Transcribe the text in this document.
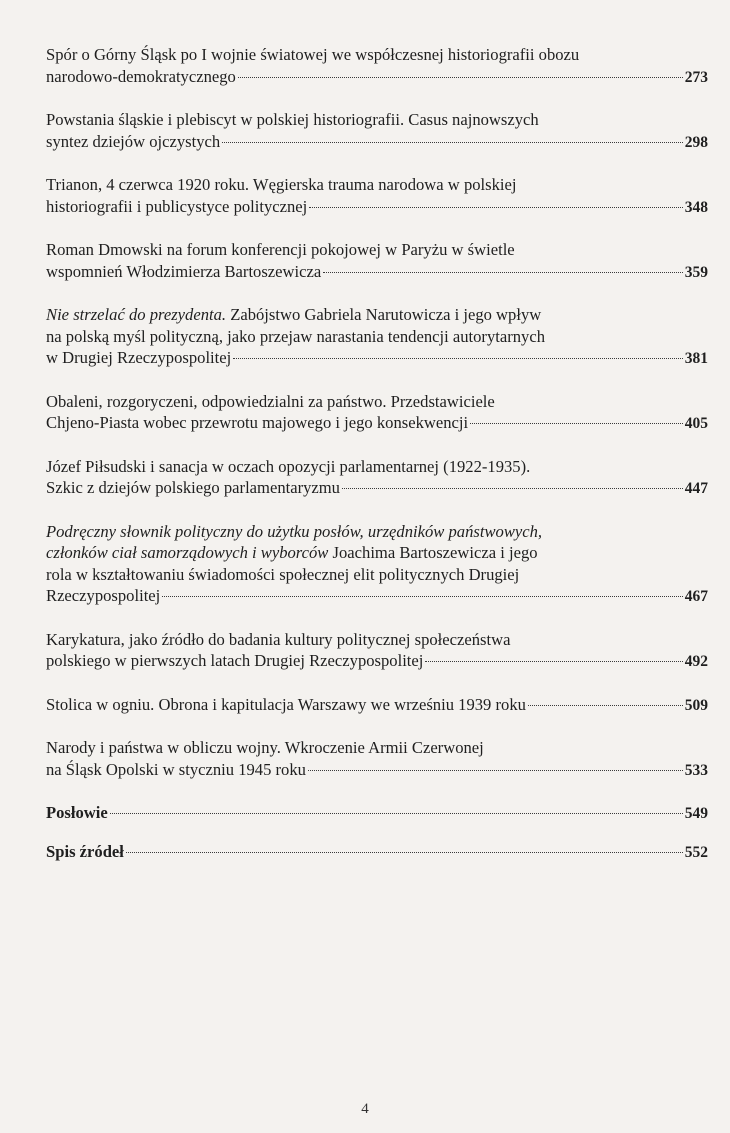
Spór o Górny Śląsk po I wojnie światowej we współczesnej historiografii obozu
narodowo-demokratycznego	273
Powstania śląskie i plebiscyt w polskiej historiografii. Casus najnowszych
syntez dziejów ojczystych	298
Trianon, 4 czerwca 1920 roku. Węgierska trauma narodowa w polskiej
historiografii i publicystyce politycznej	348
Roman Dmowski na forum konferencji pokojowej w Paryżu w świetle
wspomnień Włodzimierza Bartoszewicza	359
Nie strzelać do prezydenta. Zabójstwo Gabriela Narutowicza i jego wpływ
na polską myśl polityczną, jako przejaw narastania tendencji autorytarnych
w Drugiej Rzeczypospolitej	381
Obaleni, rozgoryczeni, odpowiedzialni za państwo. Przedstawiciele
Chjeno-Piasta wobec przewrotu majowego i jego konsekwencji	405
Józef Piłsudski i sanacja w oczach opozycji parlamentarnej (1922-1935).
Szkic z dziejów polskiego parlamentaryzmu	447
Podręczny słownik polityczny do użytku posłów, urzędników państwowych,
członków ciał samorządowych i wyborców Joachima Bartoszewicza i jego
rola w kształtowaniu świadomości społecznej elit politycznych Drugiej
Rzeczypospolitej	467
Karykatura, jako źródło do badania kultury politycznej społeczeństwa
polskiego w pierwszych latach Drugiej Rzeczypospolitej	492
Stolica w ogniu. Obrona i kapitulacja Warszawy we wrześniu 1939 roku	509
Narody i państwa w obliczu wojny. Wkroczenie Armii Czerwonej
na Śląsk Opolski w styczniu 1945 roku	533
Posłowie	549
Spis źródeł	552
4
